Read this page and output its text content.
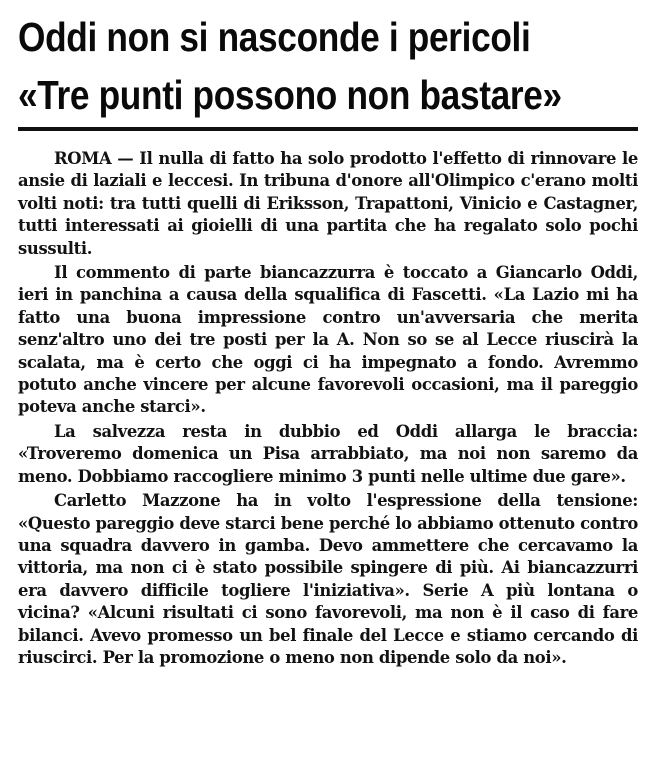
Oddi non si nasconde i pericoli
«Tre punti possono non bastare»

ROMA — Il nulla di fatto ha solo prodotto l'effetto di rinnovare le ansie di laziali e leccesi. In tribuna d'onore all'Olimpico c'erano molti volti noti: tra tutti quelli di Eriksson, Trapattoni, Vinicio e Castagner, tutti interessati ai gioielli di una partita che ha regalato solo pochi sussulti.

Il commento di parte biancazzurra è toccato a Giancarlo Oddi, ieri in panchina a causa della squalifica di Fascetti. «La Lazio mi ha fatto una buona impressione contro un'avversaria che merita senz'altro uno dei tre posti per la A. Non so se al Lecce riuscirà la scalata, ma è certo che oggi ci ha impegnato a fondo. Avremmo potuto anche vincere per alcune favorevoli occasioni, ma il pareggio poteva anche starci».

La salvezza resta in dubbio ed Oddi allarga le braccia: «Troveremo domenica un Pisa arrabbiato, ma noi non saremo da meno. Dobbiamo raccogliere minimo 3 punti nelle ultime due gare».

Carletto Mazzone ha in volto l'espressione della tensione: «Questo pareggio deve starci bene perché lo abbiamo ottenuto contro una squadra davvero in gamba. Devo ammettere che cercavamo la vittoria, ma non ci è stato possibile spingere di più. Ai biancazzurri era davvero difficile togliere l'iniziativa». Serie A più lontana o vicina? «Alcuni risultati ci sono favorevoli, ma non è il caso di fare bilanci. Avevo promesso un bel finale del Lecce e stiamo cercando di riuscirci. Per la promozione o meno non dipende solo da noi».
